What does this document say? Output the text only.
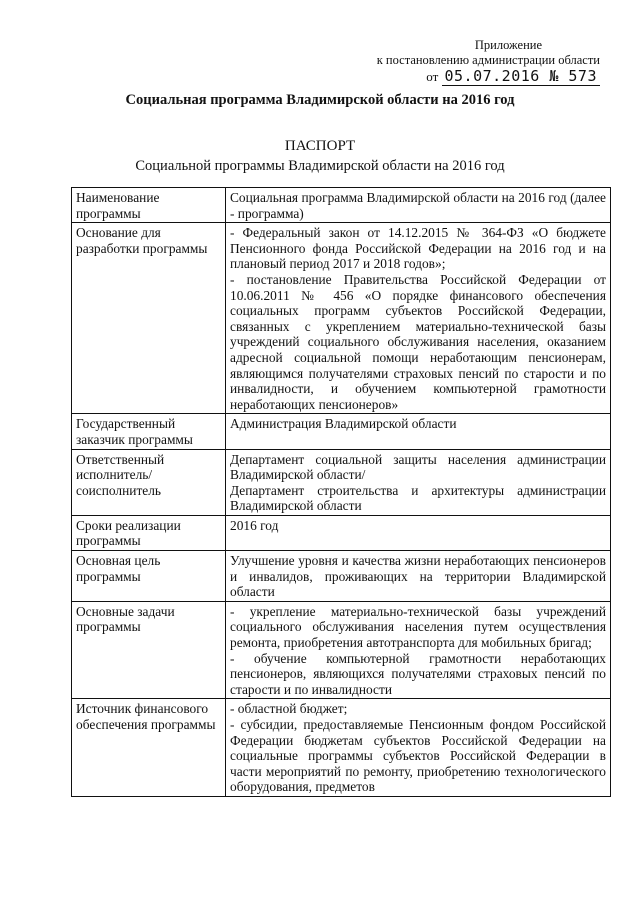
Приложение
к постановлению администрации области
от 05.07.2016 № 573
Социальная программа Владимирской области на 2016 год
ПАСПОРТ
Социальной программы Владимирской области на 2016 год
Наименование программы	Социальная программа Владимирской области на 2016 год (далее - программа)

Основание для разработки программы	- Федеральный закон от 14.12.2015 № 364-ФЗ «О бюджете Пенсионного фонда Российской Федерации на 2016 год и на плановый период 2017 и 2018 годов»;
- постановление Правительства Российской Федерации от 10.06.2011 № 456 «О порядке финансового обеспечения социальных программ субъектов Российской Федерации, связанных с укреплением материально-технической базы учреждений социального обслуживания населения, оказанием адресной социальной помощи неработающим пенсионерам, являющимся получателями страховых пенсий по старости и по инвалидности, и обучением компьютерной грамотности неработающих пенсионеров»

Государственный заказчик программы	Администрация Владимирской области

Ответственный исполнитель/ соисполнитель	Департамент социальной защиты населения администрации Владимирской области/
Департамент строительства и архитектуры администрации Владимирской области

Сроки реализации программы	2016 год

Основная цель программы	Улучшение уровня и качества жизни неработающих пенсионеров и инвалидов, проживающих на территории Владимирской области

Основные задачи программы	- укрепление материально-технической базы учреждений социального обслуживания населения путем осуществления ремонта, приобретения автотранспорта для мобильных бригад;
- обучение компьютерной грамотности неработающих пенсионеров, являющихся получателями страховых пенсий по старости и по инвалидности

Источник финансового обеспечения программы	- областной бюджет;
- субсидии, предоставляемые Пенсионным фондом Российской Федерации бюджетам субъектов Российской Федерации на социальные программы субъектов Российской Федерации в части мероприятий по ремонту, приобретению технологического оборудования, предметов
